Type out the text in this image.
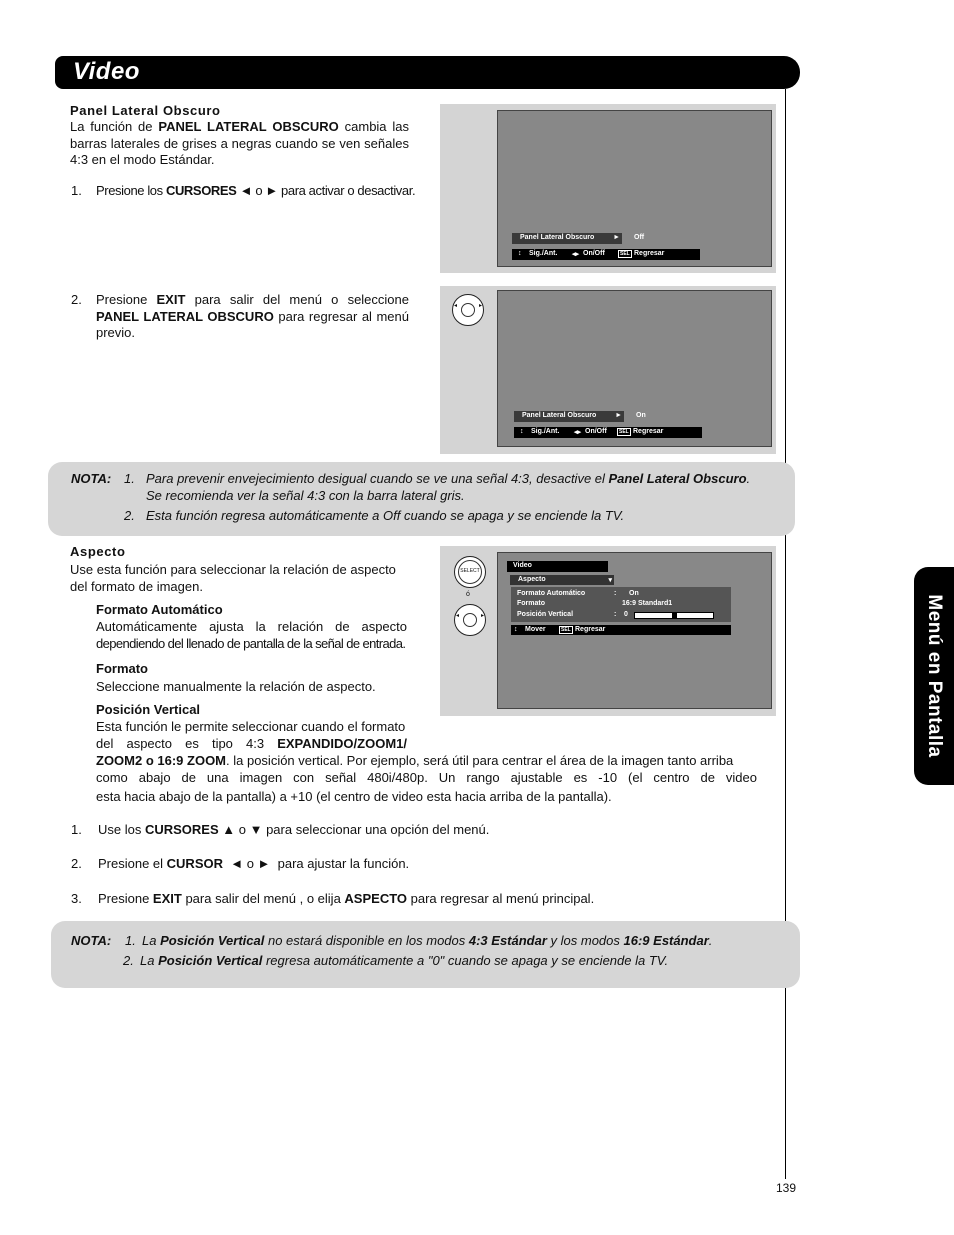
Video
Menú en Pantalla
Panel Lateral Obscuro
La función de PANEL LATERAL OBSCURO cambia las barras laterales de grises a negras cuando se ven señales 4:3 en el modo Estándar.
1. Presione los CURSORES ◄ o ► para activar o desactivar.
2. Presione EXIT para salir del menú o seleccione PANEL LATERAL OBSCURO para regresar al menú previo.
Panel Lateral Obscuro	► Off
↕ Sig./Ant. ◂▸ On/Off	SEL Regresar
◂	▸
Panel Lateral Obscuro	► On
↕ Sig./Ant. ◂▸ On/Off	SEL Regresar
NOTA: 1. Para prevenir envejecimiento desigual cuando se ve una señal 4:3, desactive el Panel Lateral Obscuro.
Se recomienda ver la señal 4:3 con la barra lateral gris.
2. Esta función regresa automáticamente a Off cuando se apaga y se enciende la TV.
Aspecto
Use esta función para seleccionar la relación de aspecto del formato de imagen.
Formato Automático
Automáticamente ajusta la relación de aspecto
dependiendo del llenado de pantalla de la señal de entrada.
Formato
Seleccione manualmente la relación de aspecto.
Posición Vertical
Esta función le permite seleccionar cuando el formato
del aspecto es tipo 4:3 EXPANDIDO/ZOOM1/
ZOOM2 o 16:9 ZOOM. la posición vertical. Por ejemplo, será útil para centrar el área de la imagen tanto arriba
como abajo de una imagen con señal 480i/480p. Un rango ajustable es -10 (el centro de video
esta hacia abajo de la pantalla) a +10 (el centro de video esta hacia arriba de la pantalla).
1. Use los CURSORES ▲ o ▼ para seleccionar una opción del menú.
2. Presione el CURSOR  ◄ o ►  para ajustar la función.
3. Presione EXIT para salir del menú , o elija ASPECTO para regresar al menú principal.
SELECT
ó
◂	▸
Video
Aspecto	▾
Formato Automático	: On
Formato	16:9 Standard1
Posición Vertical	: 0
↕ Mover	SEL Regresar
NOTA: 1. La Posición Vertical no estará disponible en los modos 4:3 Estándar y los modos 16:9 Estándar.
2. La Posición Vertical regresa automáticamente a "0" cuando se apaga y se enciende la TV.
139
